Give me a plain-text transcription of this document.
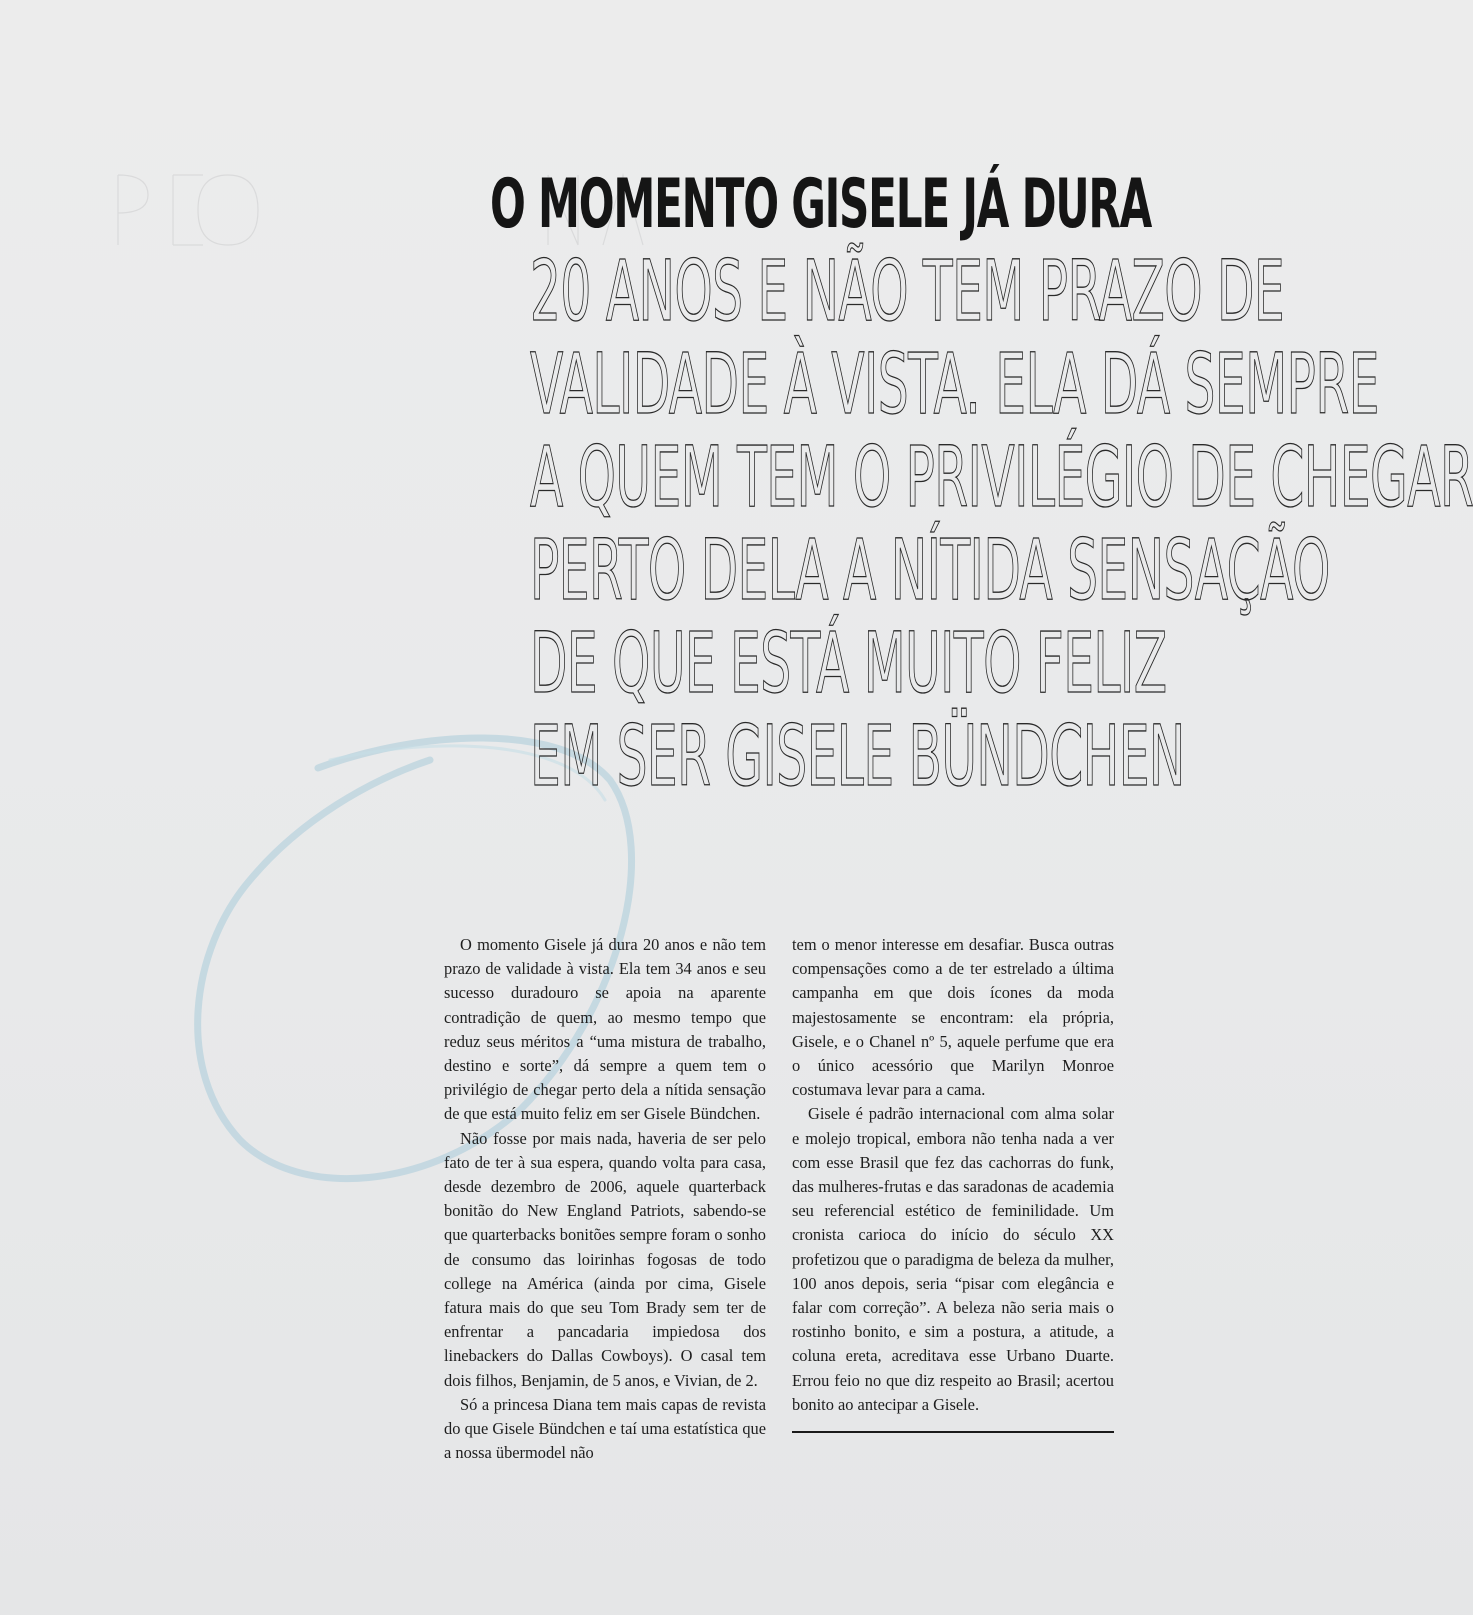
O MOMENTO GISELE JÁ DURA
20 ANOS E NÃO TEM PRAZO DE
VALIDADE À VISTA. ELA DÁ SEMPRE
A QUEM TEM O PRIVILÉGIO DE CHEGAR
PERTO DELA A NÍTIDA SENSAÇÃO
DE QUE ESTÁ MUITO FELIZ
EM SER GISELE BÜNDCHEN

O momento Gisele já dura 20 anos e não tem prazo de validade à vista. Ela tem 34 anos e seu sucesso duradouro se apoia na aparente contradição de quem, ao mesmo tempo que reduz seus méritos a “uma mistura de trabalho, destino e sorte”, dá sempre a quem tem o privilégio de chegar perto dela a nítida sensação de que está muito feliz em ser Gisele Bündchen.

Não fosse por mais nada, haveria de ser pelo fato de ter à sua espera, quando volta para casa, desde dezembro de 2006, aquele quarterback bonitão do New England Patriots, sabendo-se que quarterbacks bonitões sempre foram o sonho de consumo das loirinhas fogosas de todo college na América (ainda por cima, Gisele fatura mais do que seu Tom Brady sem ter de enfrentar a pancadaria impiedosa dos linebackers do Dallas Cowboys). O casal tem dois filhos, Benjamin, de 5 anos, e Vivian, de 2.

Só a princesa Diana tem mais capas de revista do que Gisele Bündchen e taí uma estatística que a nossa übermodel não

tem o menor interesse em desafiar. Busca outras compensações como a de ter estrelado a última campanha em que dois ícones da moda majestosamente se encontram: ela própria, Gisele, e o Chanel nº 5, aquele perfume que era o único acessório que Marilyn Monroe costumava levar para a cama.

Gisele é padrão internacional com alma solar e molejo tropical, embora não tenha nada a ver com esse Brasil que fez das cachorras do funk, das mulheres-frutas e das saradonas de academia seu referencial estético de feminilidade. Um cronista carioca do início do século XX profetizou que o paradigma de beleza da mulher, 100 anos depois, seria “pisar com elegância e falar com correção”. A beleza não seria mais o rostinho bonito, e sim a postura, a atitude, a coluna ereta, acreditava esse Urbano Duarte. Errou feio no que diz respeito ao Brasil; acertou bonito ao antecipar a Gisele.
